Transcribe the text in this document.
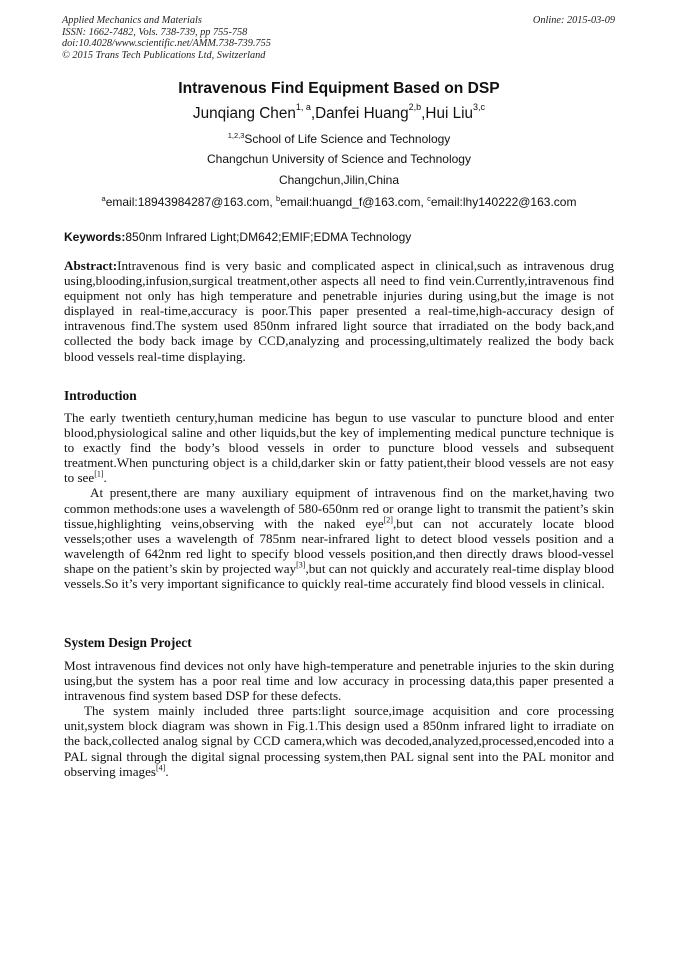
Applied Mechanics and Materials
ISSN: 1662-7482, Vols. 738-739, pp 755-758
doi:10.4028/www.scientific.net/AMM.738-739.755
© 2015 Trans Tech Publications Ltd, Switzerland
Online: 2015-03-09
Intravenous Find Equipment Based on DSP
Junqiang Chen$^{1, a}$,Danfei Huang$^{2,b}$,Hui Liu$^{3,c}$
$^{1,2,3}$School of Life Science and Technology
Changchun University of Science and Technology
Changchun,Jilin,China
$^a$email:18943984287@163.com, $^b$email:huangd_f@163.com, $^c$email:lhy140222@163.com
Keywords:850nm Infrared Light;DM642;EMIF;EDMA Technology

Abstract:Intravenous find is very basic and complicated aspect in clinical,such as intravenous drug using,blooding,infusion,surgical treatment,other aspects all need to find vein.Currently,intravenous find equipment not only has high temperature and penetrable injuries during using,but the image is not displayed in real-time,accuracy is poor.This paper presented a real-time,high-accuracy design of intravenous find.The system used 850nm infrared light source that irradiated on the body back,and collected the body back image by CCD,analyzing and processing,ultimately realized the body back blood vessels real-time displaying.

Introduction

The early twentieth century,human medicine has begun to use vascular to puncture blood and enter blood,physiological saline and other liquids,but the key of implementing medical puncture technique is to exactly find the body’s blood vessels in order to puncture blood vessels and subsequent treatment.When puncturing object is a child,darker skin or fatty patient,their blood vessels are not easy to see[1].

At present,there are many auxiliary equipment of intravenous find on the market,having two common methods:one uses a wavelength of 580-650nm red or orange light to transmit the patient’s skin tissue,highlighting veins,observing with the naked eye[2],but can not accurately locate blood vessels;other uses a wavelength of 785nm near-infrared light to detect blood vessels position and a wavelength of 642nm red light to specify blood vessels position,and then directly draws blood-vessel shape on the patient’s skin by projected way[3],but can not quickly and accurately real-time display blood vessels.So it’s very important significance to quickly real-time accurately find blood vessels in clinical.

System Design Project

Most intravenous find devices not only have high-temperature and penetrable injuries to the skin during using,but the system has a poor real time and low accuracy in processing data,this paper presented a intravenous find system based DSP for these defects.

The system mainly included three parts:light source,image acquisition and core processing unit,system block diagram was shown in Fig.1.This design used a 850nm infrared light to irradiate on the back,collected analog signal by CCD camera,which was decoded,analyzed,processed,encoded into a PAL signal through the digital signal processing system,then PAL signal sent into the PAL monitor and observing images[4].
